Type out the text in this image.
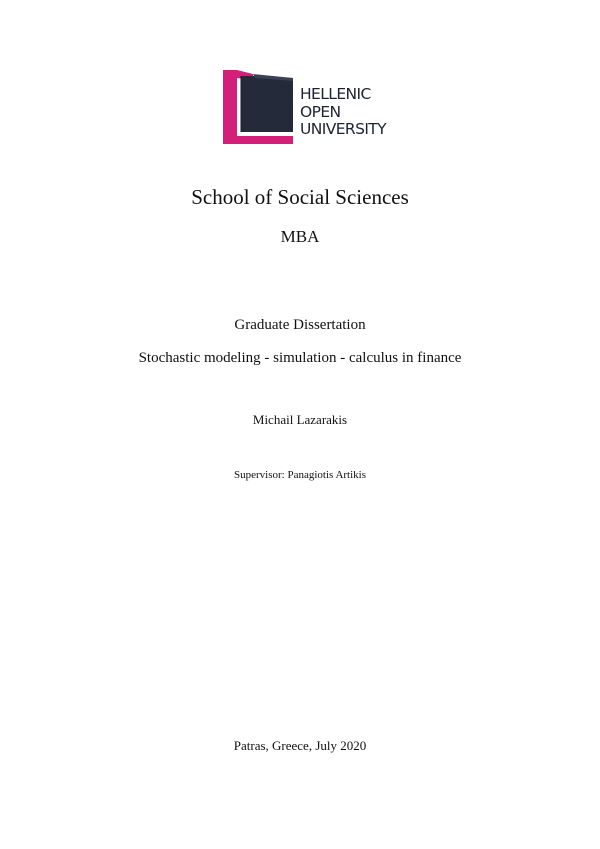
HELLENIC
OPEN
UNIVERSITY
School of Social Sciences
MBA
Graduate Dissertation
Stochastic modeling - simulation - calculus in finance
Michail Lazarakis
Supervisor: Panagiotis Artikis
Patras, Greece, July 2020
